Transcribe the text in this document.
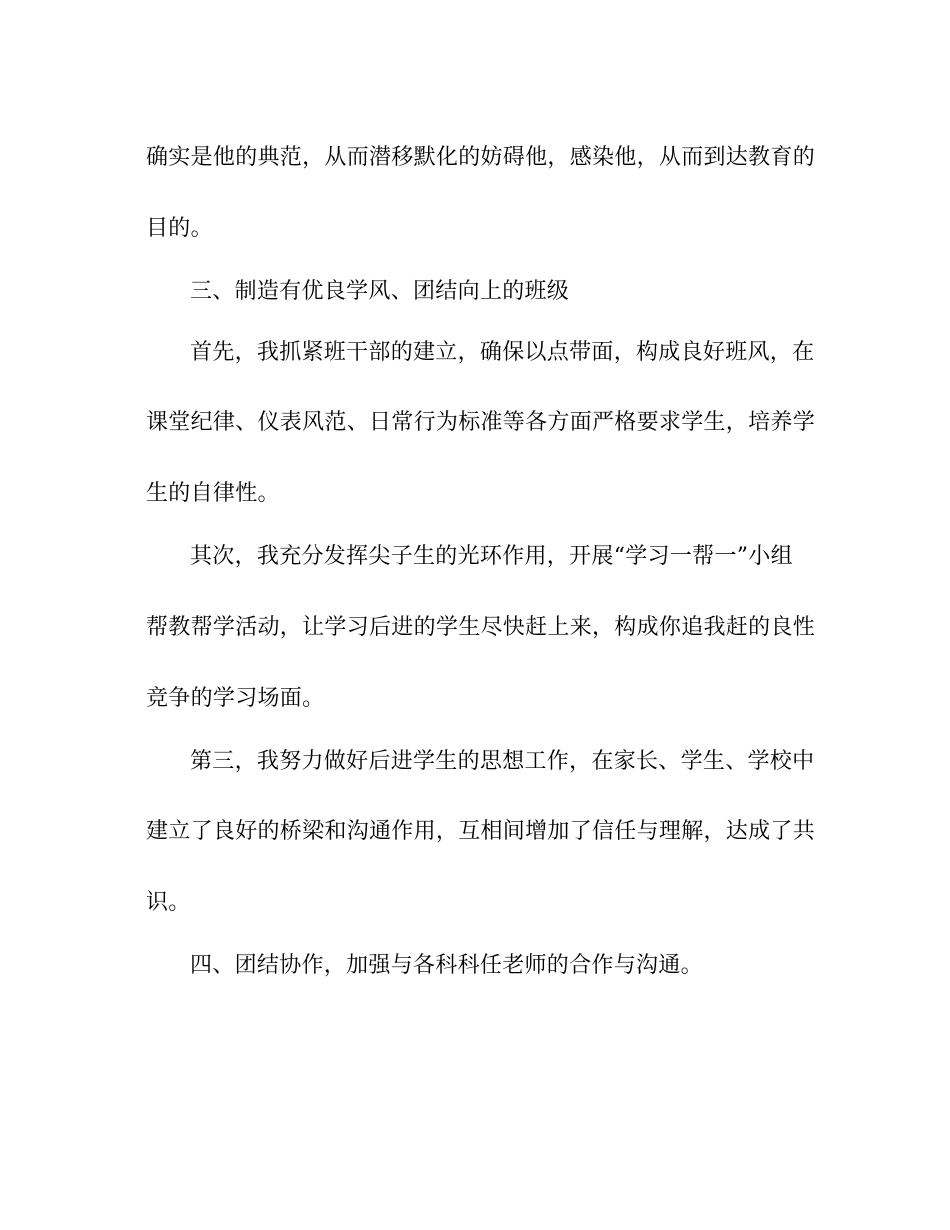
确实是他的典范，从而潜移默化的妨碍他，感染他，从而到达教育的
目的。
三、制造有优良学风、团结向上的班级
首先，我抓紧班干部的建立，确保以点带面，构成良好班风，在
课堂纪律、仪表风范、日常行为标准等各方面严格要求学生，培养学
生的自律性。
其次，我充分发挥尖子生的光环作用，开展“学习一帮一”小组
帮教帮学活动，让学习后进的学生尽快赶上来，构成你追我赶的良性
竞争的学习场面。
第三，我努力做好后进学生的思想工作，在家长、学生、学校中
建立了良好的桥梁和沟通作用，互相间增加了信任与理解，达成了共
识。
四、团结协作，加强与各科科任老师的合作与沟通。
